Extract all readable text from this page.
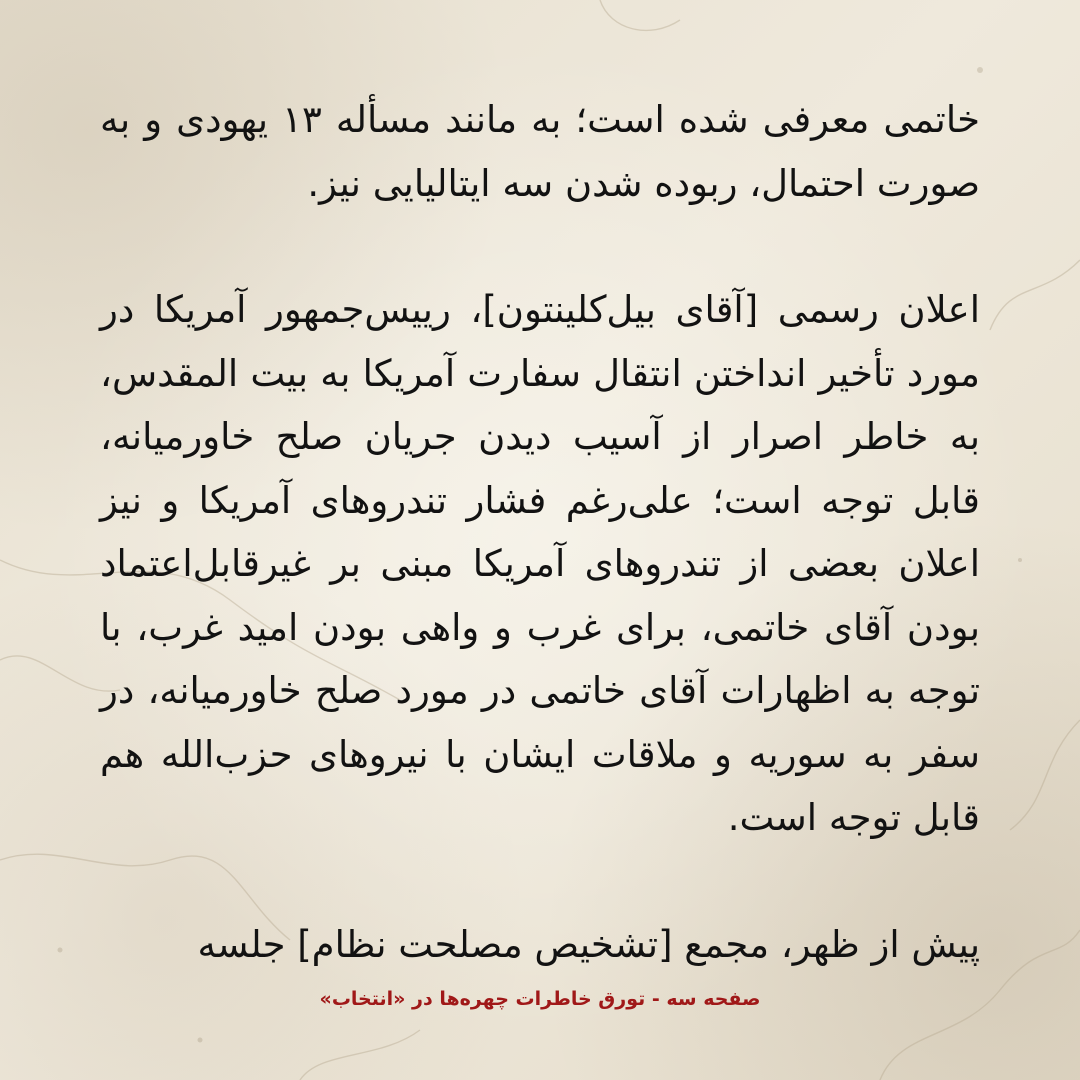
خاتمی معرفی شده است؛ به مانند مسأله ۱۳ یهودی و به صورت احتمال، ربوده شدن سه ایتالیایی نیز.

اعلان رسمی [آقای بیل‌کلینتون]، رییس‌جمهور آمریکا در مورد تأخیر انداختن انتقال سفارت آمریکا به بیت المقدس، به خاطر اصرار از آسیب دیدن جریان صلح خاورمیانه، قابل توجه است؛ علی‌رغم فشار تندروهای آمریکا و نیز اعلان بعضی از تندروهای آمریکا مبنی بر غیرقابل‌اعتماد بودن آقای خاتمی، برای غرب و واهی بودن امید غرب، با توجه به اظهارات آقای خاتمی در مورد صلح خاورمیانه، در سفر به سوریه و ملاقات ایشان با نیروهای حزب‌الله هم قابل توجه است.

پیش از ظهر، مجمع [تشخیص مصلحت نظام] جلسه

صفحه سه - تورق خاطرات چهره‌ها در «انتخاب»
